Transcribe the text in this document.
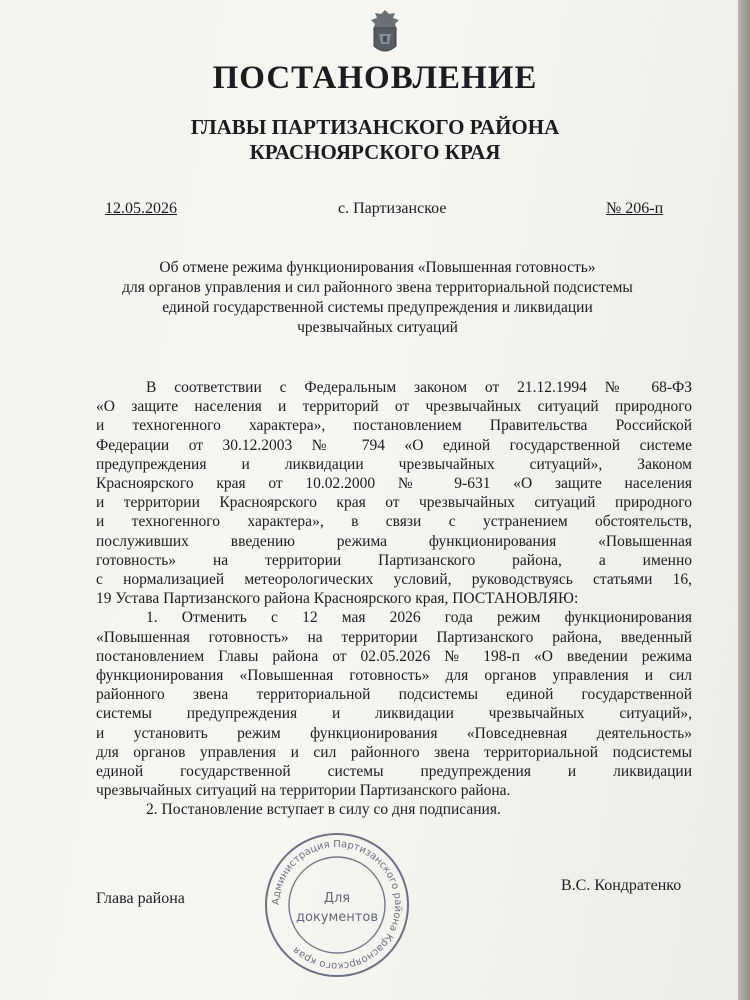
ПОСТАНОВЛЕНИЕ
ГЛАВЫ ПАРТИЗАНСКОГО РАЙОНА
КРАСНОЯРСКОГО КРАЯ
12.05.2026	с. Партизанское	№ 206-п
Об отмене режима функционирования «Повышенная готовность»
для органов управления и сил районного звена территориальной подсистемы
единой государственной системы предупреждения и ликвидации
чрезвычайных ситуаций
В соответствии с Федеральным законом от 21.12.1994 № 68-ФЗ
«О защите населения и территорий от чрезвычайных ситуаций природного
и техногенного характера», постановлением Правительства Российской
Федерации от 30.12.2003 № 794 «О единой государственной системе
предупреждения и ликвидации чрезвычайных ситуаций», Законом
Красноярского края от 10.02.2000 № 9-631 «О защите населения
и территории Красноярского края от чрезвычайных ситуаций природного
и техногенного характера», в связи с устранением обстоятельств,
послуживших введению режима функционирования «Повышенная
готовность» на территории Партизанского района, а именно
с нормализацией метеорологических условий, руководствуясь статьями 16,
19 Устава Партизанского района Красноярского края, ПОСТАНОВЛЯЮ:
1. Отменить с 12 мая 2026 года режим функционирования
«Повышенная готовность» на территории Партизанского района, введенный
постановлением Главы района от 02.05.2026 № 198-п «О введении режима
функционирования «Повышенная готовность» для органов управления и сил
районного звена территориальной подсистемы единой государственной
системы предупреждения и ликвидации чрезвычайных ситуаций»,
и установить режим функционирования «Повседневная деятельность»
для органов управления и сил районного звена территориальной подсистемы
единой государственной системы предупреждения и ликвидации
чрезвычайных ситуаций на территории Партизанского района.
2. Постановление вступает в силу со дня подписания.
Глава района
В.С. Кондратенко
Администрация Партизанского района Красноярского края
Для
документов
